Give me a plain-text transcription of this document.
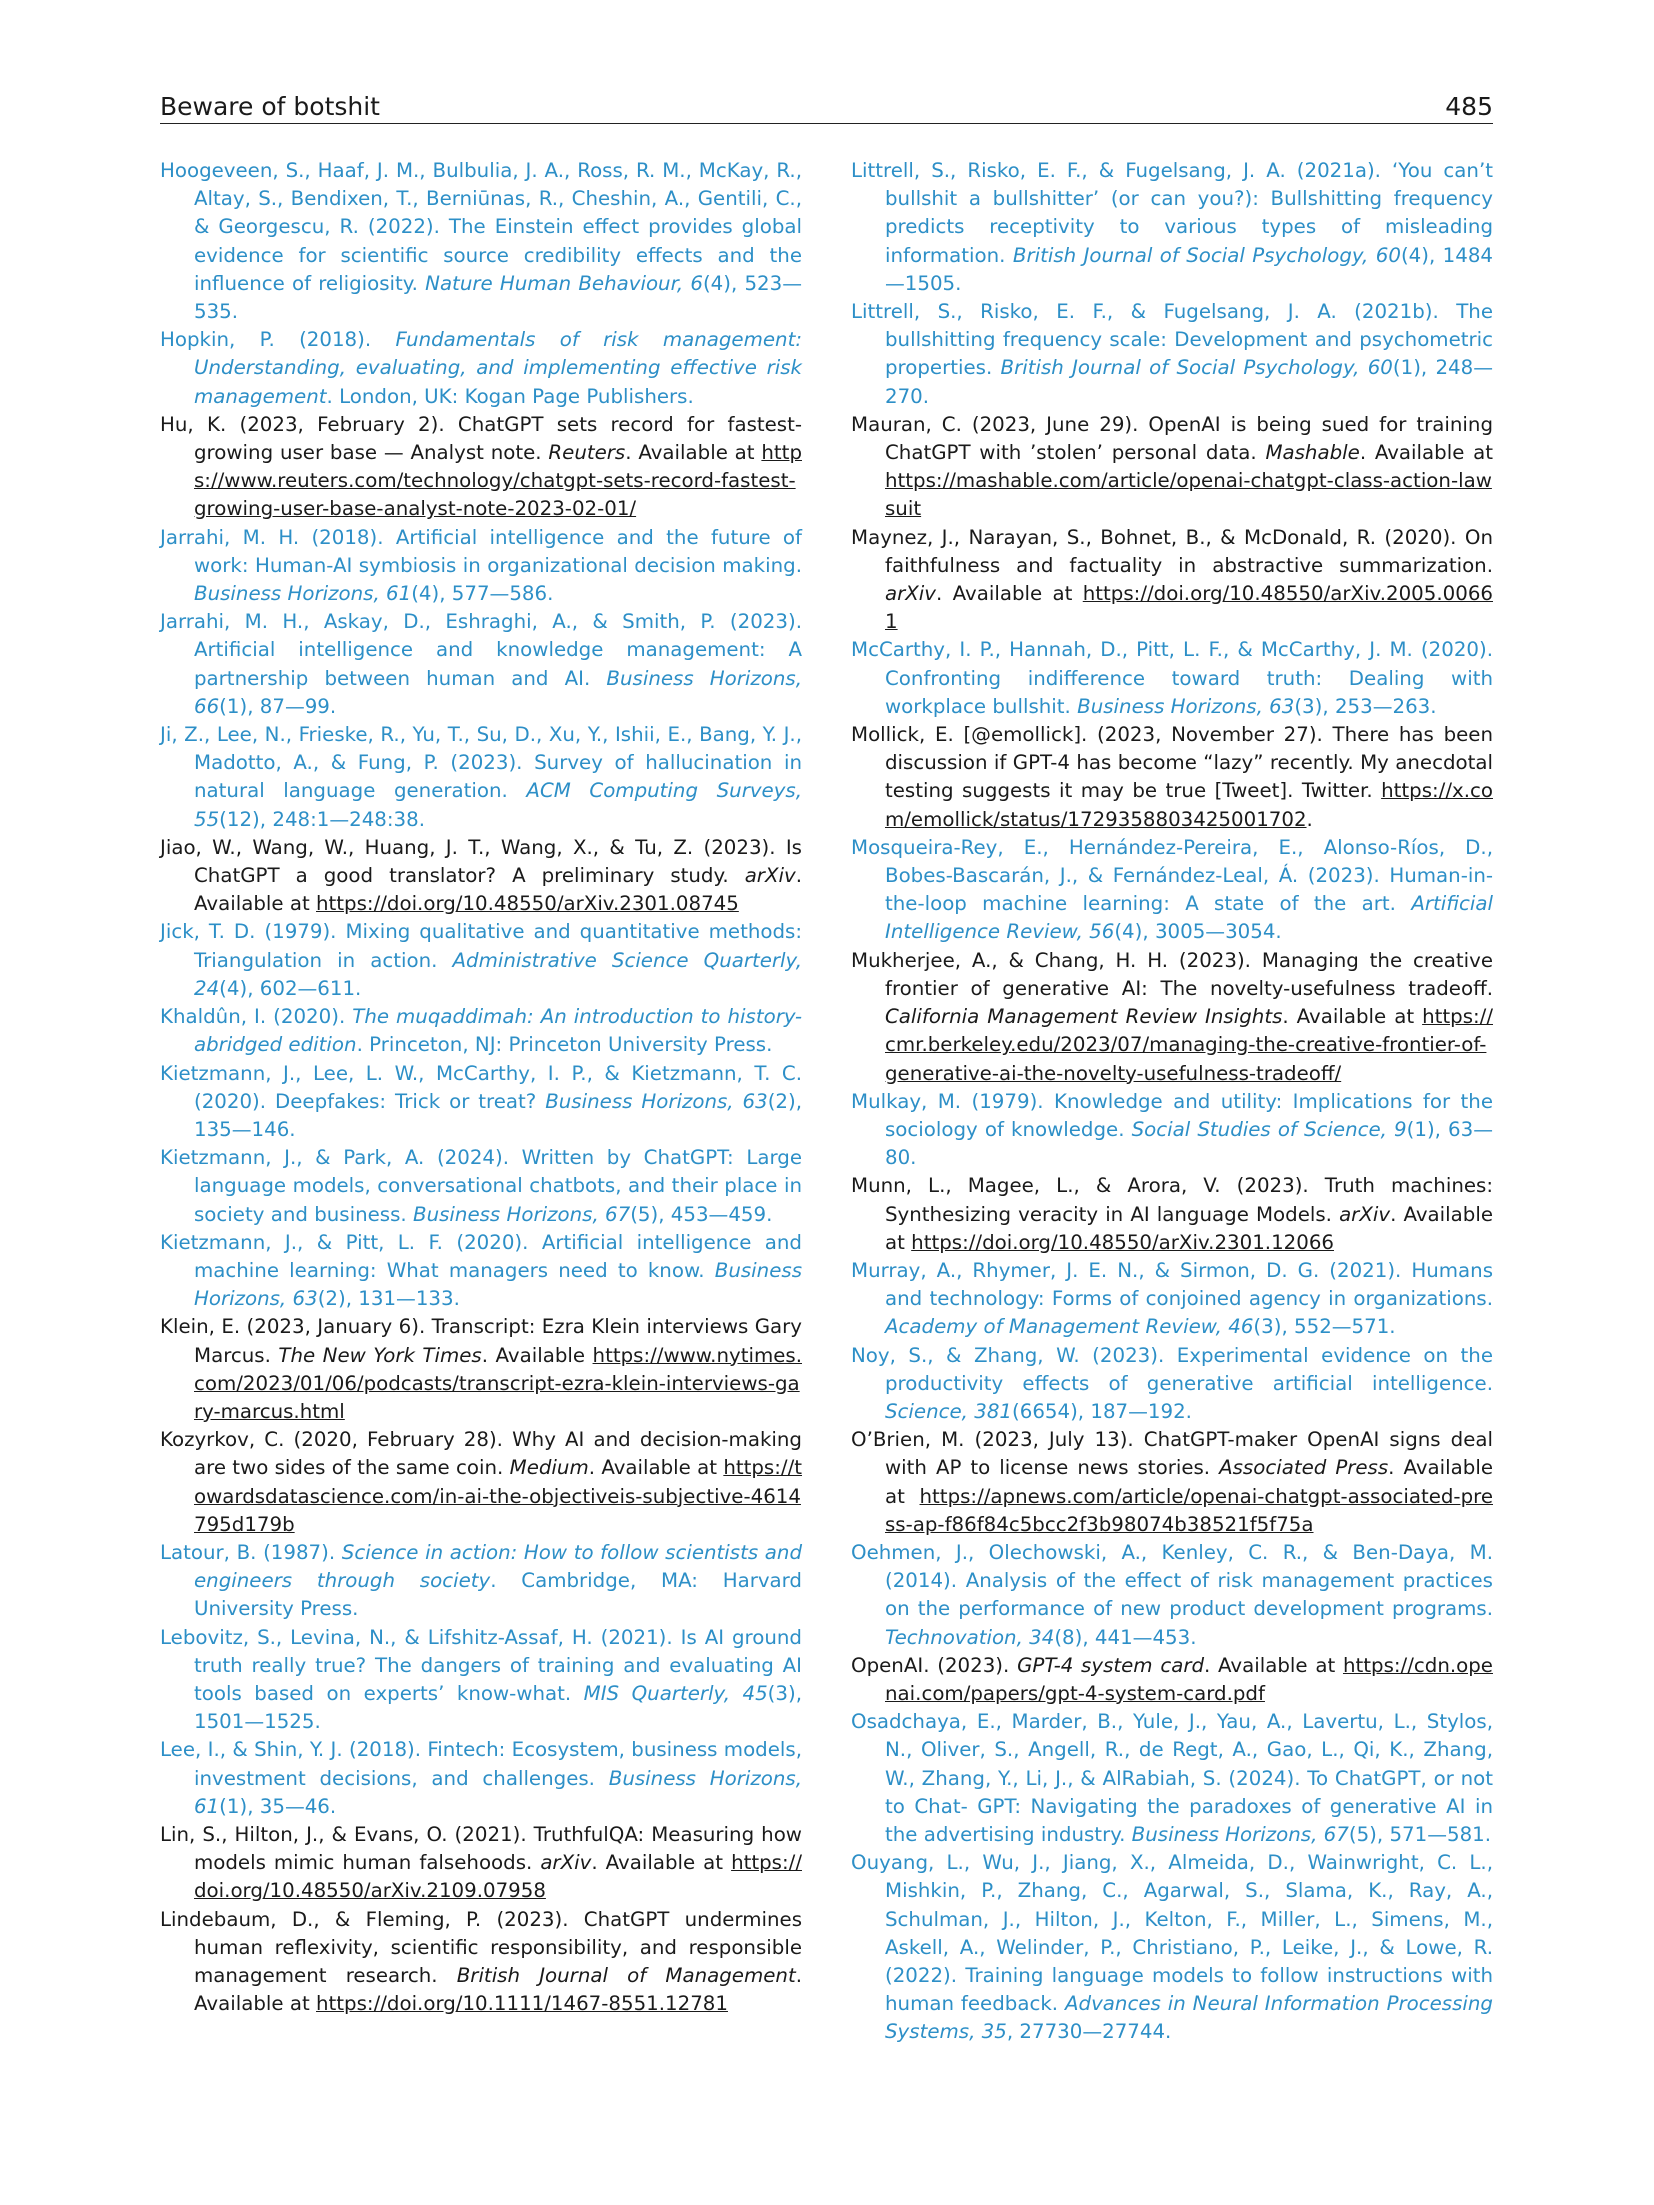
Beware of botshit	485

Hoogeveen, S., Haaf, J. M., Bulbulia, J. A., Ross, R. M., McKay, R., Altay, S., Bendixen, T., Berniūnas, R., Cheshin, A., Gentili, C., & Georgescu, R. (2022). The Einstein effect provides global evidence for scientific source credibility effects and the influence of religiosity. Nature Human Behaviour, 6(4), 523—535.

Hopkin, P. (2018). Fundamentals of risk management: Understanding, evaluating, and implementing effective risk management. London, UK: Kogan Page Publishers.

Hu, K. (2023, February 2). ChatGPT sets record for fastest-growing user base — Analyst note. Reuters. Available at https://www.reuters.com/technology/chatgpt-sets-record-fastest-growing-user-base-analyst-note-2023-02-01/

Jarrahi, M. H. (2018). Artificial intelligence and the future of work: Human-AI symbiosis in organizational decision making. Business Horizons, 61(4), 577—586.

Jarrahi, M. H., Askay, D., Eshraghi, A., & Smith, P. (2023). Artificial intelligence and knowledge management: A partnership between human and AI. Business Horizons, 66(1), 87—99.

Ji, Z., Lee, N., Frieske, R., Yu, T., Su, D., Xu, Y., Ishii, E., Bang, Y. J., Madotto, A., & Fung, P. (2023). Survey of hallucination in natural language generation. ACM Computing Surveys, 55(12), 248:1—248:38.

Jiao, W., Wang, W., Huang, J. T., Wang, X., & Tu, Z. (2023). Is ChatGPT a good translator? A preliminary study. arXiv. Available at https://doi.org/10.48550/arXiv.2301.08745

Jick, T. D. (1979). Mixing qualitative and quantitative methods: Triangulation in action. Administrative Science Quarterly, 24(4), 602—611.

Khaldûn, I. (2020). The muqaddimah: An introduction to history-abridged edition. Princeton, NJ: Princeton University Press.

Kietzmann, J., Lee, L. W., McCarthy, I. P., & Kietzmann, T. C. (2020). Deepfakes: Trick or treat? Business Horizons, 63(2), 135—146.

Kietzmann, J., & Park, A. (2024). Written by ChatGPT: Large language models, conversational chatbots, and their place in society and business. Business Horizons, 67(5), 453—459.

Kietzmann, J., & Pitt, L. F. (2020). Artificial intelligence and machine learning: What managers need to know. Business Horizons, 63(2), 131—133.

Klein, E. (2023, January 6). Transcript: Ezra Klein interviews Gary Marcus. The New York Times. Available https://www.nytimes.com/2023/01/06/podcasts/transcript-ezra-klein-interviews-gary-marcus.html

Kozyrkov, C. (2020, February 28). Why AI and decision-making are two sides of the same coin. Medium. Available at https://towardsdatascience.com/in-ai-the-objectiveis-subjective-4614795d179b

Latour, B. (1987). Science in action: How to follow scientists and engineers through society. Cambridge, MA: Harvard University Press.

Lebovitz, S., Levina, N., & Lifshitz-Assaf, H. (2021). Is AI ground truth really true? The dangers of training and evaluating AI tools based on experts’ know-what. MIS Quarterly, 45(3), 1501—1525.

Lee, I., & Shin, Y. J. (2018). Fintech: Ecosystem, business models, investment decisions, and challenges. Business Horizons, 61(1), 35—46.

Lin, S., Hilton, J., & Evans, O. (2021). TruthfulQA: Measuring how models mimic human falsehoods. arXiv. Available at https://doi.org/10.48550/arXiv.2109.07958

Lindebaum, D., & Fleming, P. (2023). ChatGPT undermines human reflexivity, scientific responsibility, and responsible management research. British Journal of Management. Available at https://doi.org/10.1111/1467-8551.12781

Littrell, S., Risko, E. F., & Fugelsang, J. A. (2021a). ‘You can’t bullshit a bullshitter’ (or can you?): Bullshitting frequency predicts receptivity to various types of misleading information. British Journal of Social Psychology, 60(4), 1484—1505.

Littrell, S., Risko, E. F., & Fugelsang, J. A. (2021b). The bullshitting frequency scale: Development and psychometric properties. British Journal of Social Psychology, 60(1), 248—270.

Mauran, C. (2023, June 29). OpenAI is being sued for training ChatGPT with ’stolen’ personal data. Mashable. Available at https://mashable.com/article/openai-chatgpt-class-action-lawsuit

Maynez, J., Narayan, S., Bohnet, B., & McDonald, R. (2020). On faithfulness and factuality in abstractive summarization. arXiv. Available at https://doi.org/10.48550/arXiv.2005.00661

McCarthy, I. P., Hannah, D., Pitt, L. F., & McCarthy, J. M. (2020). Confronting indifference toward truth: Dealing with workplace bullshit. Business Horizons, 63(3), 253—263.

Mollick, E. [@emollick]. (2023, November 27). There has been discussion if GPT-4 has become “lazy” recently. My anecdotal testing suggests it may be true [Tweet]. Twitter. https://x.com/emollick/status/1729358803425001702.

Mosqueira-Rey, E., Hernández-Pereira, E., Alonso-Ríos, D., Bobes-Bascarán, J., & Fernández-Leal, Á. (2023). Human-in-the-loop machine learning: A state of the art. Artificial Intelligence Review, 56(4), 3005—3054.

Mukherjee, A., & Chang, H. H. (2023). Managing the creative frontier of generative AI: The novelty-usefulness tradeoff. California Management Review Insights. Available at https://cmr.berkeley.edu/2023/07/managing-the-creative-frontier-of-generative-ai-the-novelty-usefulness-tradeoff/

Mulkay, M. (1979). Knowledge and utility: Implications for the sociology of knowledge. Social Studies of Science, 9(1), 63—80.

Munn, L., Magee, L., & Arora, V. (2023). Truth machines: Synthesizing veracity in AI language Models. arXiv. Available at https://doi.org/10.48550/arXiv.2301.12066

Murray, A., Rhymer, J. E. N., & Sirmon, D. G. (2021). Humans and technology: Forms of conjoined agency in organizations. Academy of Management Review, 46(3), 552—571.

Noy, S., & Zhang, W. (2023). Experimental evidence on the productivity effects of generative artificial intelligence. Science, 381(6654), 187—192.

O’Brien, M. (2023, July 13). ChatGPT-maker OpenAI signs deal with AP to license news stories. Associated Press. Available at https://apnews.com/article/openai-chatgpt-associated-press-ap-f86f84c5bcc2f3b98074b38521f5f75a

Oehmen, J., Olechowski, A., Kenley, C. R., & Ben-Daya, M. (2014). Analysis of the effect of risk management practices on the performance of new product development programs. Technovation, 34(8), 441—453.

OpenAI. (2023). GPT-4 system card. Available at https://cdn.openai.com/papers/gpt-4-system-card.pdf

Osadchaya, E., Marder, B., Yule, J., Yau, A., Lavertu, L., Stylos, N., Oliver, S., Angell, R., de Regt, A., Gao, L., Qi, K., Zhang, W., Zhang, Y., Li, J., & AlRabiah, S. (2024). To ChatGPT, or not to Chat- GPT: Navigating the paradoxes of generative AI in the advertising industry. Business Horizons, 67(5), 571—581.

Ouyang, L., Wu, J., Jiang, X., Almeida, D., Wainwright, C. L., Mishkin, P., Zhang, C., Agarwal, S., Slama, K., Ray, A., Schulman, J., Hilton, J., Kelton, F., Miller, L., Simens, M., Askell, A., Welinder, P., Christiano, P., Leike, J., & Lowe, R. (2022). Training language models to follow instructions with human feedback. Advances in Neural Information Processing Systems, 35, 27730—27744.
